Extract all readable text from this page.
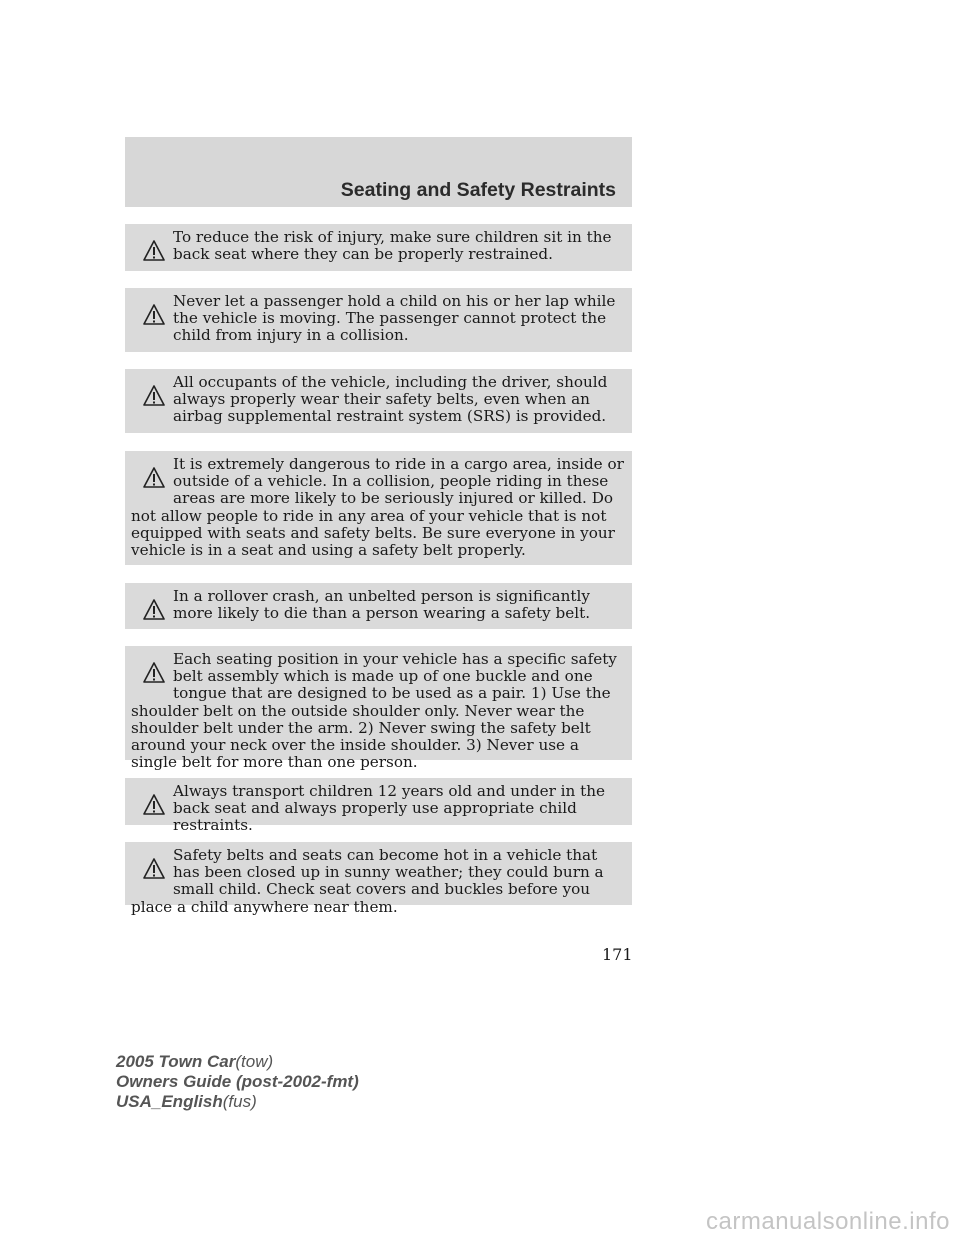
Seating and Safety Restraints
To reduce the risk of injury, make sure children sit in the back seat where they can be properly restrained.
Never let a passenger hold a child on his or her lap while the vehicle is moving. The passenger cannot protect the child from injury in a collision.
All occupants of the vehicle, including the driver, should always properly wear their safety belts, even when an airbag supplemental restraint system (SRS) is provided.
It is extremely dangerous to ride in a cargo area, inside or outside of a vehicle. In a collision, people riding in these areas are more likely to be seriously injured or killed. Do not allow people to ride in any area of your vehicle that is not equipped with seats and safety belts. Be sure everyone in your vehicle is in a seat and using a safety belt properly.
In a rollover crash, an unbelted person is significantly more likely to die than a person wearing a safety belt.
Each seating position in your vehicle has a specific safety belt assembly which is made up of one buckle and one tongue that are designed to be used as a pair. 1) Use the shoulder belt on the outside shoulder only. Never wear the shoulder belt under the arm. 2) Never swing the safety belt around your neck over the inside shoulder. 3) Never use a single belt for more than one person.
Always transport children 12 years old and under in the back seat and always properly use appropriate child restraints.
Safety belts and seats can become hot in a vehicle that has been closed up in sunny weather; they could burn a small child. Check seat covers and buckles before you place a child anywhere near them.
171
2005 Town Car(tow)
Owners Guide (post-2002-fmt)
USA_English(fus)
carmanualsonline.info
